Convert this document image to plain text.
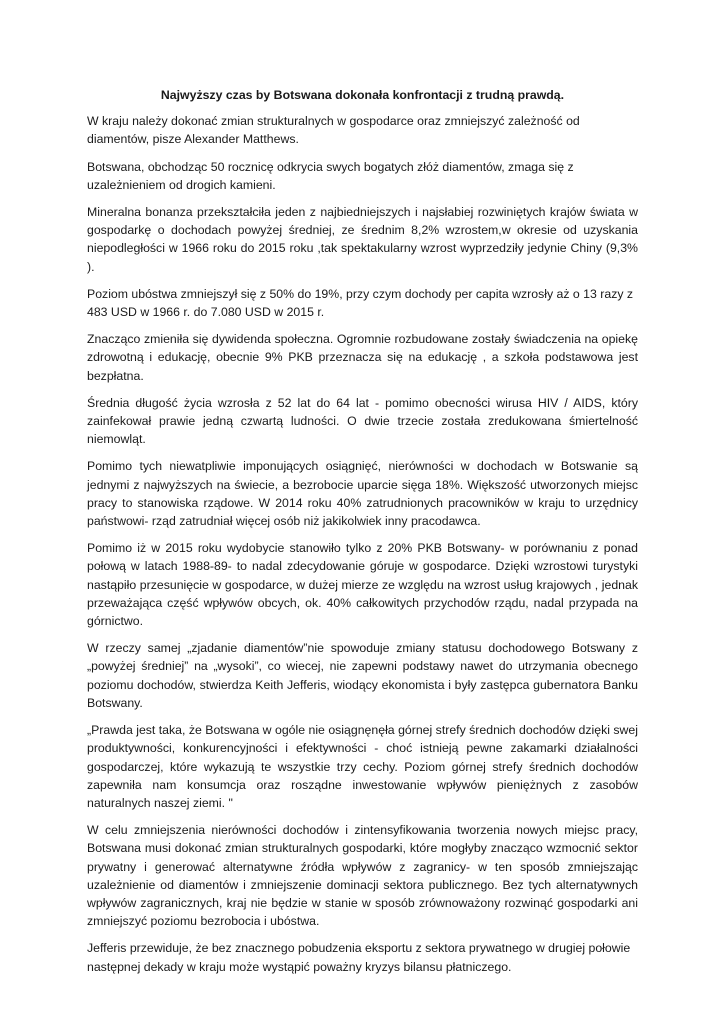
Najwyższy czas by Botswana dokonała konfrontacji z trudną prawdą.

W kraju należy dokonać zmian strukturalnych w gospodarce oraz zmniejszyć zależność od diamentów, pisze Alexander Matthews.

Botswana, obchodząc 50 rocznicę odkrycia swych bogatych złóż diamentów, zmaga się z uzależnieniem od drogich kamieni.

Mineralna bonanza przekształciła jeden z najbiedniejszych i najsłabiej rozwiniętych krajów świata w gospodarkę o dochodach powyżej średniej, ze średnim 8,2% wzrostem,w okresie od uzyskania niepodległości w 1966 roku do 2015 roku ,tak spektakularny wzrost wyprzedziły jedynie Chiny (9,3% ).

Poziom ubóstwa zmniejszył się z 50% do 19%, przy czym dochody per capita wzrosły aż o 13 razy z 483 USD w 1966 r. do 7.080 USD w 2015 r.

Znacząco zmieniła się dywidenda społeczna. Ogromnie rozbudowane zostały świadczenia na opiekę zdrowotną i edukację, obecnie 9% PKB przeznacza się na edukację , a szkoła podstawowa jest bezpłatna.

Średnia długość życia wzrosła z 52 lat do 64 lat - pomimo obecności wirusa HIV / AIDS, który zainfekował prawie jedną czwartą ludności. O dwie trzecie została zredukowana śmiertelność niemowląt.

Pomimo tych niewatpliwie imponujących osiągnięć, nierówności w dochodach w Botswanie są jednymi z najwyższych na świecie, a bezrobocie uparcie sięga 18%. Większość utworzonych miejsc pracy to stanowiska rządowe. W 2014 roku 40% zatrudnionych pracowników w kraju to urzędnicy państwowi- rząd zatrudniał więcej osób niż jakikolwiek inny pracodawca.

Pomimo iż w 2015 roku wydobycie stanowiło tylko z 20% PKB Botswany- w porównaniu z ponad połową w latach 1988-89- to nadal zdecydowanie góruje w gospodarce. Dzięki wzrostowi turystyki nastąpiło przesunięcie w gospodarce, w dużej mierze ze względu na wzrost usług krajowych , jednak przeważająca część wpływów obcych, ok. 40% całkowitych przychodów rządu, nadal przypada na górnictwo.

W rzeczy samej „zjadanie diamentów”nie spowoduje zmiany statusu dochodowego Botswany z „powyżej średniej” na „wysoki”, co wiecej, nie zapewni podstawy nawet do utrzymania obecnego poziomu dochodów, stwierdza Keith Jefferis, wiodący ekonomista i były zastępca gubernatora Banku Botswany.

„Prawda jest taka, że Botswana w ogóle nie osiągnęnęła górnej strefy średnich dochodów dzięki swej produktywności, konkurencyjności i efektywności - choć istnieją pewne zakamarki działalności gospodarczej, które wykazują te wszystkie trzy cechy. Poziom górnej strefy średnich dochodów zapewniła nam konsumcja oraz rosządne inwestowanie wpływów pieniężnych z zasobów naturalnych naszej ziemi. "

W celu zmniejszenia nierówności dochodów i zintensyfikowania tworzenia nowych miejsc pracy, Botswana musi dokonać zmian strukturalnych gospodarki, które mogłyby znacząco wzmocnić sektor prywatny i generować alternatywne źródła wpływów z zagranicy- w ten sposób zmniejszając uzależnienie od diamentów i zmniejszenie dominacji sektora publicznego. Bez tych alternatywnych wpływów zagranicznych, kraj nie będzie w stanie w sposób zrównoważony rozwinąć gospodarki ani zmniejszyć poziomu bezrobocia i ubóstwa.

Jefferis przewiduje, że bez znacznego pobudzenia eksportu z sektora prywatnego w drugiej połowie następnej dekady w kraju może wystąpić poważny kryzys bilansu płatniczego.
